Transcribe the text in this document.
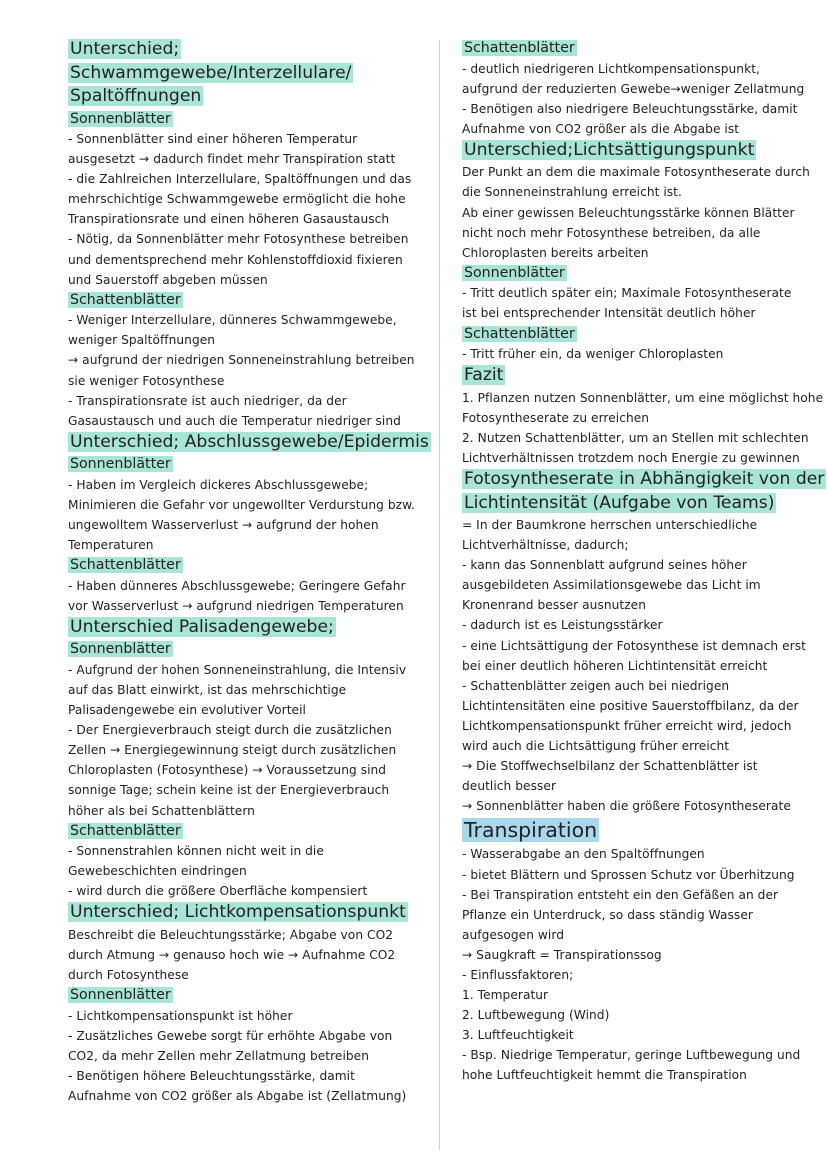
Unterschied;
Schwammgewebe/Interzellulare/
Spaltöffnungen
Sonnenblätter
- Sonnenblätter sind einer höheren Temperatur
ausgesetzt → dadurch findet mehr Transpiration statt
- die Zahlreichen Interzellulare, Spaltöffnungen und das
mehrschichtige Schwammgewebe ermöglicht die hohe
Transpirationsrate und einen höheren Gasaustausch
- Nötig, da Sonnenblätter mehr Fotosynthese betreiben
und dementsprechend mehr Kohlenstoffdioxid fixieren
und Sauerstoff abgeben müssen
Schattenblätter
- Weniger Interzellulare, dünneres Schwammgewebe,
weniger Spaltöffnungen
→ aufgrund der niedrigen Sonneneinstrahlung betreiben
sie weniger Fotosynthese
- Transpirationsrate ist auch niedriger, da der
Gasaustausch und auch die Temperatur niedriger sind
Unterschied; Abschlussgewebe/Epidermis
Sonnenblätter
- Haben im Vergleich dickeres Abschlussgewebe;
Minimieren die Gefahr vor ungewollter Verdurstung bzw.
ungewolltem Wasserverlust → aufgrund der hohen
Temperaturen
Schattenblätter
- Haben dünneres Abschlussgewebe; Geringere Gefahr
vor Wasserverlust → aufgrund niedrigen Temperaturen
Unterschied Palisadengewebe;
Sonnenblätter
- Aufgrund der hohen Sonneneinstrahlung, die Intensiv
auf das Blatt einwirkt, ist das mehrschichtige
Palisadengewebe ein evolutiver Vorteil
- Der Energieverbrauch steigt durch die zusätzlichen
Zellen → Energiegewinnung steigt durch zusätzlichen
Chloroplasten (Fotosynthese) → Voraussetzung sind
sonnige Tage; schein keine ist der Energieverbrauch
höher als bei Schattenblättern
Schattenblätter
- Sonnenstrahlen können nicht weit in die
Gewebeschichten eindringen
- wird durch die größere Oberfläche kompensiert
Unterschied; Lichtkompensationspunkt
Beschreibt die Beleuchtungsstärke; Abgabe von CO2
durch Atmung → genauso hoch wie → Aufnahme CO2
durch Fotosynthese
Sonnenblätter
- Lichtkompensationspunkt ist höher
- Zusätzliches Gewebe sorgt für erhöhte Abgabe von
CO2, da mehr Zellen mehr Zellatmung betreiben
- Benötigen höhere Beleuchtungsstärke, damit
Aufnahme von CO2 größer als Abgabe ist (Zellatmung)
Schattenblätter
- deutlich niedrigeren Lichtkompensationspunkt,
aufgrund der reduzierten Gewebe→weniger Zellatmung
- Benötigen also niedrigere Beleuchtungsstärke, damit
Aufnahme von CO2 größer als die Abgabe ist
Unterschied;Lichtsättigungspunkt
Der Punkt an dem die maximale Fotosyntheserate durch
die Sonneneinstrahlung erreicht ist.
Ab einer gewissen Beleuchtungsstärke können Blätter
nicht noch mehr Fotosynthese betreiben, da alle
Chloroplasten bereits arbeiten
Sonnenblätter
- Tritt deutlich später ein; Maximale Fotosyntheserate
ist bei entsprechender Intensität deutlich höher
Schattenblätter
- Tritt früher ein, da weniger Chloroplasten
Fazit
1. Pflanzen nutzen Sonnenblätter, um eine möglichst hohe
Fotosyntheserate zu erreichen
2. Nutzen Schattenblätter, um an Stellen mit schlechten
Lichtverhältnissen trotzdem noch Energie zu gewinnen
Fotosyntheserate in Abhängigkeit von der
Lichtintensität (Aufgabe von Teams)
= In der Baumkrone herrschen unterschiedliche
Lichtverhältnisse, dadurch;
- kann das Sonnenblatt aufgrund seines höher
ausgebildeten Assimilationsgewebe das Licht im
Kronenrand besser ausnutzen
- dadurch ist es Leistungsstärker
- eine Lichtsättigung der Fotosynthese ist demnach erst
bei einer deutlich höheren Lichtintensität erreicht
- Schattenblätter zeigen auch bei niedrigen
Lichtintensitäten eine positive Sauerstoffbilanz, da der
Lichtkompensationspunkt früher erreicht wird, jedoch
wird auch die Lichtsättigung früher erreicht
→ Die Stoffwechselbilanz der Schattenblätter ist
deutlich besser
→ Sonnenblätter haben die größere Fotosyntheserate
Transpiration
- Wasserabgabe an den Spaltöffnungen
- bietet Blättern und Sprossen Schutz vor Überhitzung
- Bei Transpiration entsteht ein den Gefäßen an der
Pflanze ein Unterdruck, so dass ständig Wasser
aufgesogen wird
→ Saugkraft = Transpirationssog
- Einflussfaktoren;
1. Temperatur
2. Luftbewegung (Wind)
3. Luftfeuchtigkeit
- Bsp. Niedrige Temperatur, geringe Luftbewegung und
hohe Luftfeuchtigkeit hemmt die Transpiration
